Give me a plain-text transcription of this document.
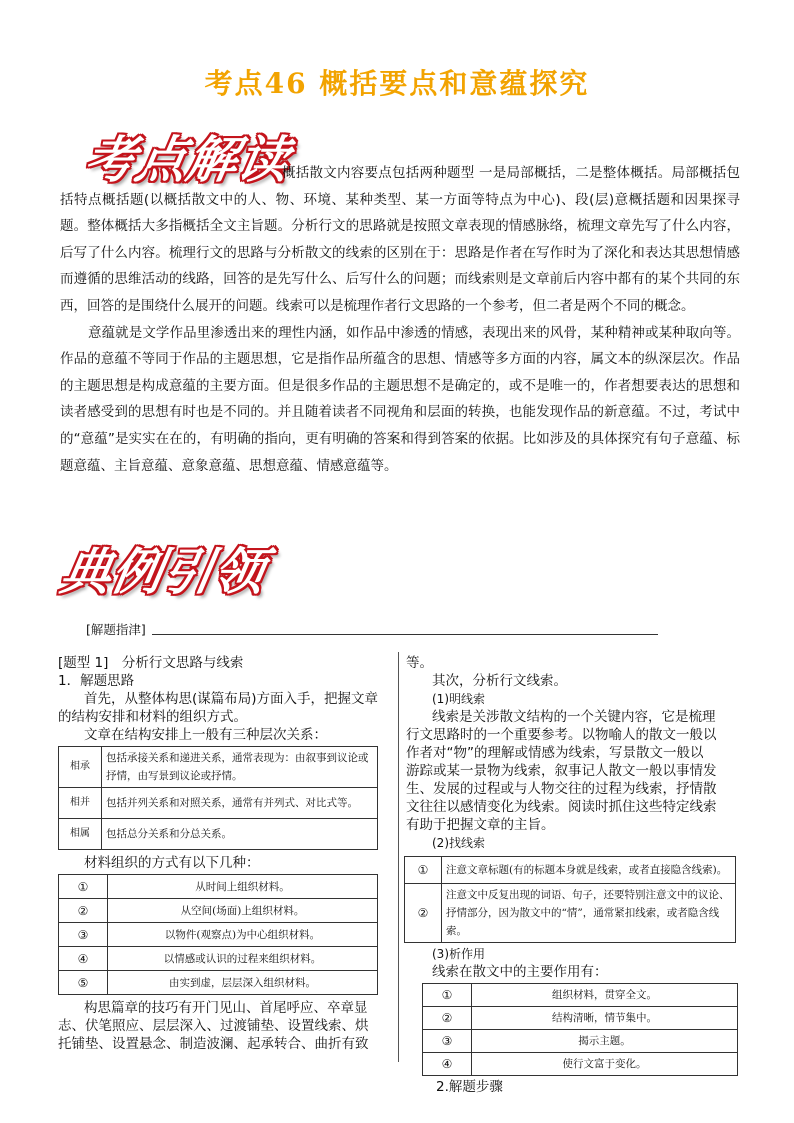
考点46 概括要点和意蕴探究
考点解读

概括散文内容要点包括两种题型 一是局部概括，二是整体概括。局部概括包括特点概括题(以概括散文中的人、物、环境、某种类型、某一方面等特点为中心)、段(层)意概括题和因果探寻题。整体概括大多指概括全文主旨题。分析行文的思路就是按照文章表现的情感脉络，梳理文章先写了什么内容，后写了什么内容。梳理行文的思路与分析散文的线索的区别在于：思路是作者在写作时为了深化和表达其思想情感而遵循的思维活动的线路，回答的是先写什么、后写什么的问题；而线索则是文章前后内容中都有的某个共同的东西，回答的是围绕什么展开的问题。线索可以是梳理作者行文思路的一个参考，但二者是两个不同的概念。

意蕴就是文学作品里渗透出来的理性内涵，如作品中渗透的情感，表现出来的风骨，某种精神或某种取向等。作品的意蕴不等同于作品的主题思想，它是指作品所蕴含的思想、情感等多方面的内容，属文本的纵深层次。作品的主题思想是构成意蕴的主要方面。但是很多作品的主题思想不是确定的，或不是唯一的，作者想要表达的思想和读者感受到的思想有时也是不同的。并且随着读者不同视角和层面的转换，也能发现作品的新意蕴。不过，考试中的“意蕴”是实实在在的，有明确的指向，更有明确的答案和得到答案的依据。比如涉及的具体探究有句子意蕴、标题意蕴、主旨意蕴、意象意蕴、思想意蕴、情感意蕴等。

典例引领
[解题指津]
[题型 1]　分析行文思路与线索
1．解题思路
首先，从整体构思(谋篇布局)方面入手，把握文章
的结构安排和材料的组织方式。
文章在结构安排上一般有三种层次关系：
相承	包括承接关系和递进关系，通常表现为：由叙事到议论或抒情，由写景到议论或抒情。
相并	包括并列关系和对照关系，通常有并列式、对比式等。
相属	包括总分关系和分总关系。
材料组织的方式有以下几种：
①	从时间上组织材料。
②	从空间(场面)上组织材料。
③	以物件(观察点)为中心组织材料。
④	以情感或认识的过程来组织材料。
⑤	由实到虚，层层深入组织材料。
构思篇章的技巧有开门见山、首尾呼应、卒章显
志、伏笔照应、层层深入、过渡铺垫、设置线索、烘
托铺垫、设置悬念、制造波澜、起承转合、曲折有致
等。
其次，分析行文线索。
(1)明线索
线索是关涉散文结构的一个关键内容，它是梳理
行文思路时的一个重要参考。以物喻人的散文一般以
作者对“物”的理解或情感为线索，写景散文一般以
游踪或某一景物为线索，叙事记人散文一般以事情发
生、发展的过程或与人物交往的过程为线索，抒情散
文往往以感情变化为线索。阅读时抓住这些特定线索
有助于把握文章的主旨。
(2)找线索
①	注意文章标题(有的标题本身就是线索，或者直接隐含线索)。
②	注意文中反复出现的词语、句子，还要特别注意文中的议论、抒情部分，因为散文中的“情”，通常紧扣线索，或者隐含线索。
(3)析作用
线索在散文中的主要作用有：
①	组织材料，贯穿全文。
②	结构清晰，情节集中。
③	揭示主题。
④	使行文富于变化。
2.解题步骤
